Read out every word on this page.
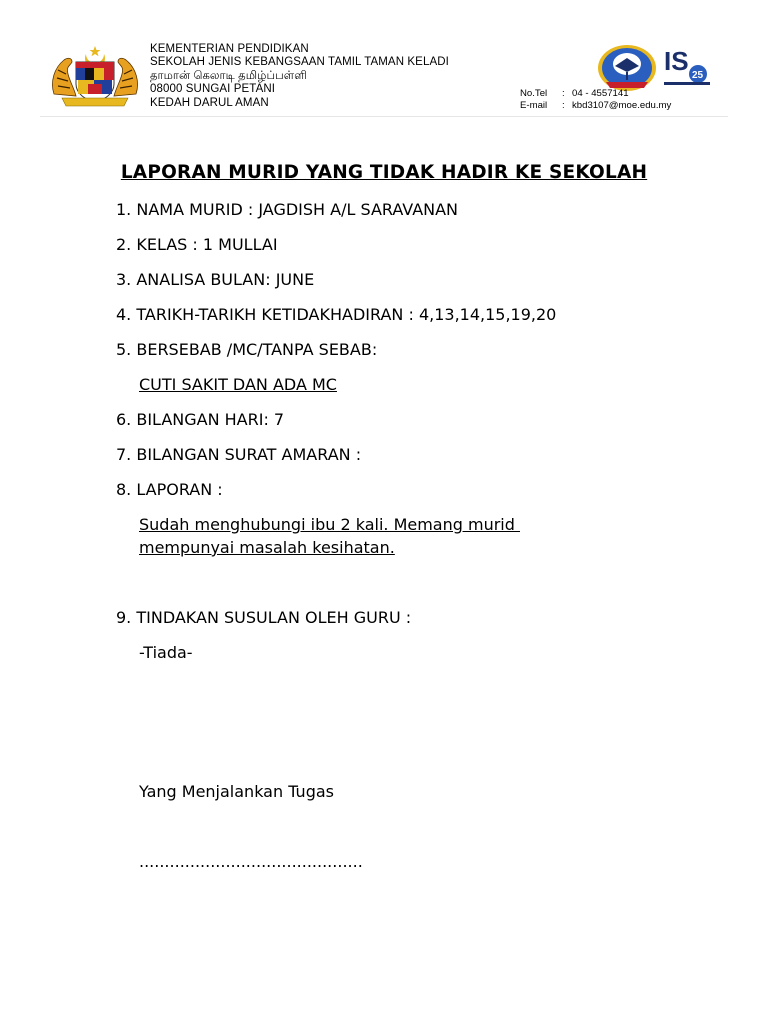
KEMENTERIAN PENDIDIKAN
SEKOLAH JENIS KEBANGSAAN TAMIL TAMAN KELADI
தாமான் கெலாடி தமிழ்ப்பள்ளி
08000 SUNGAI PETANI
KEDAH DARUL AMAN
IS 25
No.Tel	: 04 - 4557141
E-mail	: kbd3107@moe.edu.my
LAPORAN MURID YANG TIDAK HADIR KE SEKOLAH
1. NAMA MURID : JAGDISH A/L SARAVANAN
2. KELAS : 1 MULLAI
3. ANALISA BULAN: JUNE
4. TARIKH-TARIKH KETIDAKHADIRAN : 4,13,14,15,19,20
5. BERSEBAB /MC/TANPA SEBAB:
CUTI SAKIT DAN ADA MC
6. BILANGAN HARI: 7
7. BILANGAN SURAT AMARAN :
8. LAPORAN :
Sudah menghubungi ibu 2 kali. Memang murid
mempunyai masalah kesihatan.
9. TINDAKAN SUSULAN OLEH GURU :
-Tiada-
Yang Menjalankan Tugas
............................................
